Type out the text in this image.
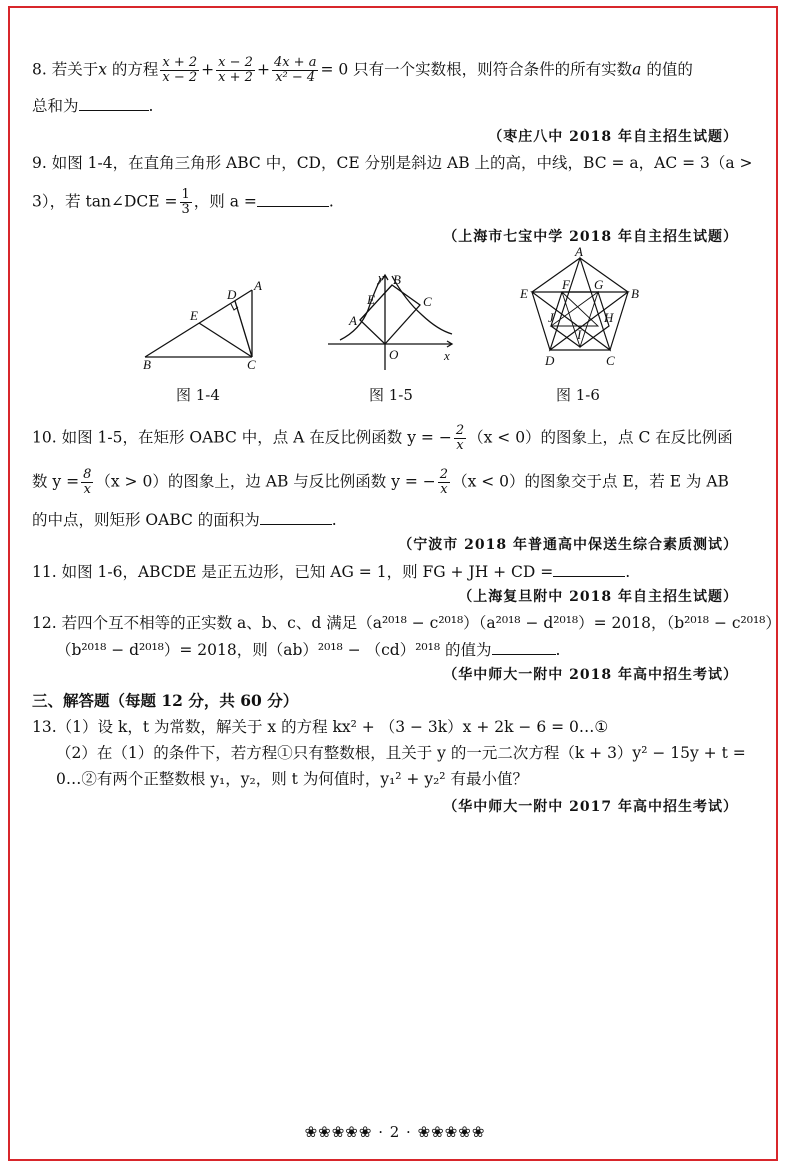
8. 若关于x 的方程 $\frac{x + 2}{x - 2} + \frac{x - 2}{x + 2} + \frac{4x + a}{\text{x² − 4}} = 0$ 只有一个实数根，则符合条件的所有实数a 的值的
总和为	.
（枣庄八中 2018 年自主招生试题）
9. 如图 1-4，在直角三角形 ABC 中，CD，CE 分别是斜边 AB 上的高，中线，BC = a，AC = 3（a >
3），若 tan∠DCE = $\frac{1}{3}$ ，则 a =	.
（上海市七宝中学 2018 年自主招生试题）
A
B	C
D
E
y
x
O
A
B
C
E
A
B
C
D
E
F G
H
I
J
图 1-4	图 1-5	图 1-6
10. 如图 1-5，在矩形 OABC 中，点 A 在反比例函数 y = − $\frac{2}{x} (x < 0)$的图象上，点 C 在反比例函
数 $y = \frac{8}{x} (x > 0)$的图象上，边 AB 与反比例函数 y = − $\frac{2}{x} (x < 0)$的图象交于点 E，若 E 为 AB
的中点，则矩形 OABC 的面积为	.
（宁波市 2018 年普通高中保送生综合素质测试）
11. 如图 1-6，ABCDE 是正五边形，已知 AG = 1，则 FG + JH + CD =	.
（上海复旦附中 2018 年自主招生试题）
12. 若四个互不相等的正实数 a、b、c、d 满足（a²⁰¹⁸ − c²⁰¹⁸）（a²⁰¹⁸ − d²⁰¹⁸）= 2018，（b²⁰¹⁸ − c²⁰¹⁸）
（b²⁰¹⁸ − d²⁰¹⁸）= 2018，则（ab）²⁰¹⁸ − （cd）²⁰¹⁸ 的值为	.
（华中师大一附中 2018 年高中招生考试）
三、解答题（每题 12 分，共 60 分）
13.（1）设 k，t 为常数，解关于 x 的方程 kx² + （3 − 3k）x + 2k − 6 = 0…①
（2）在（1）的条件下，若方程①只有整数根，且关于 y 的一元二次方程（k + 3）y² − 15y + t =
0…②有两个正整数根 y₁，y₂，则 t 为何值时，y₁² + y₂² 有最小值？
（华中师大一附中 2017 年高中招生考试）
❀❀❀❀❀ · 2 · ❀❀❀❀❀
